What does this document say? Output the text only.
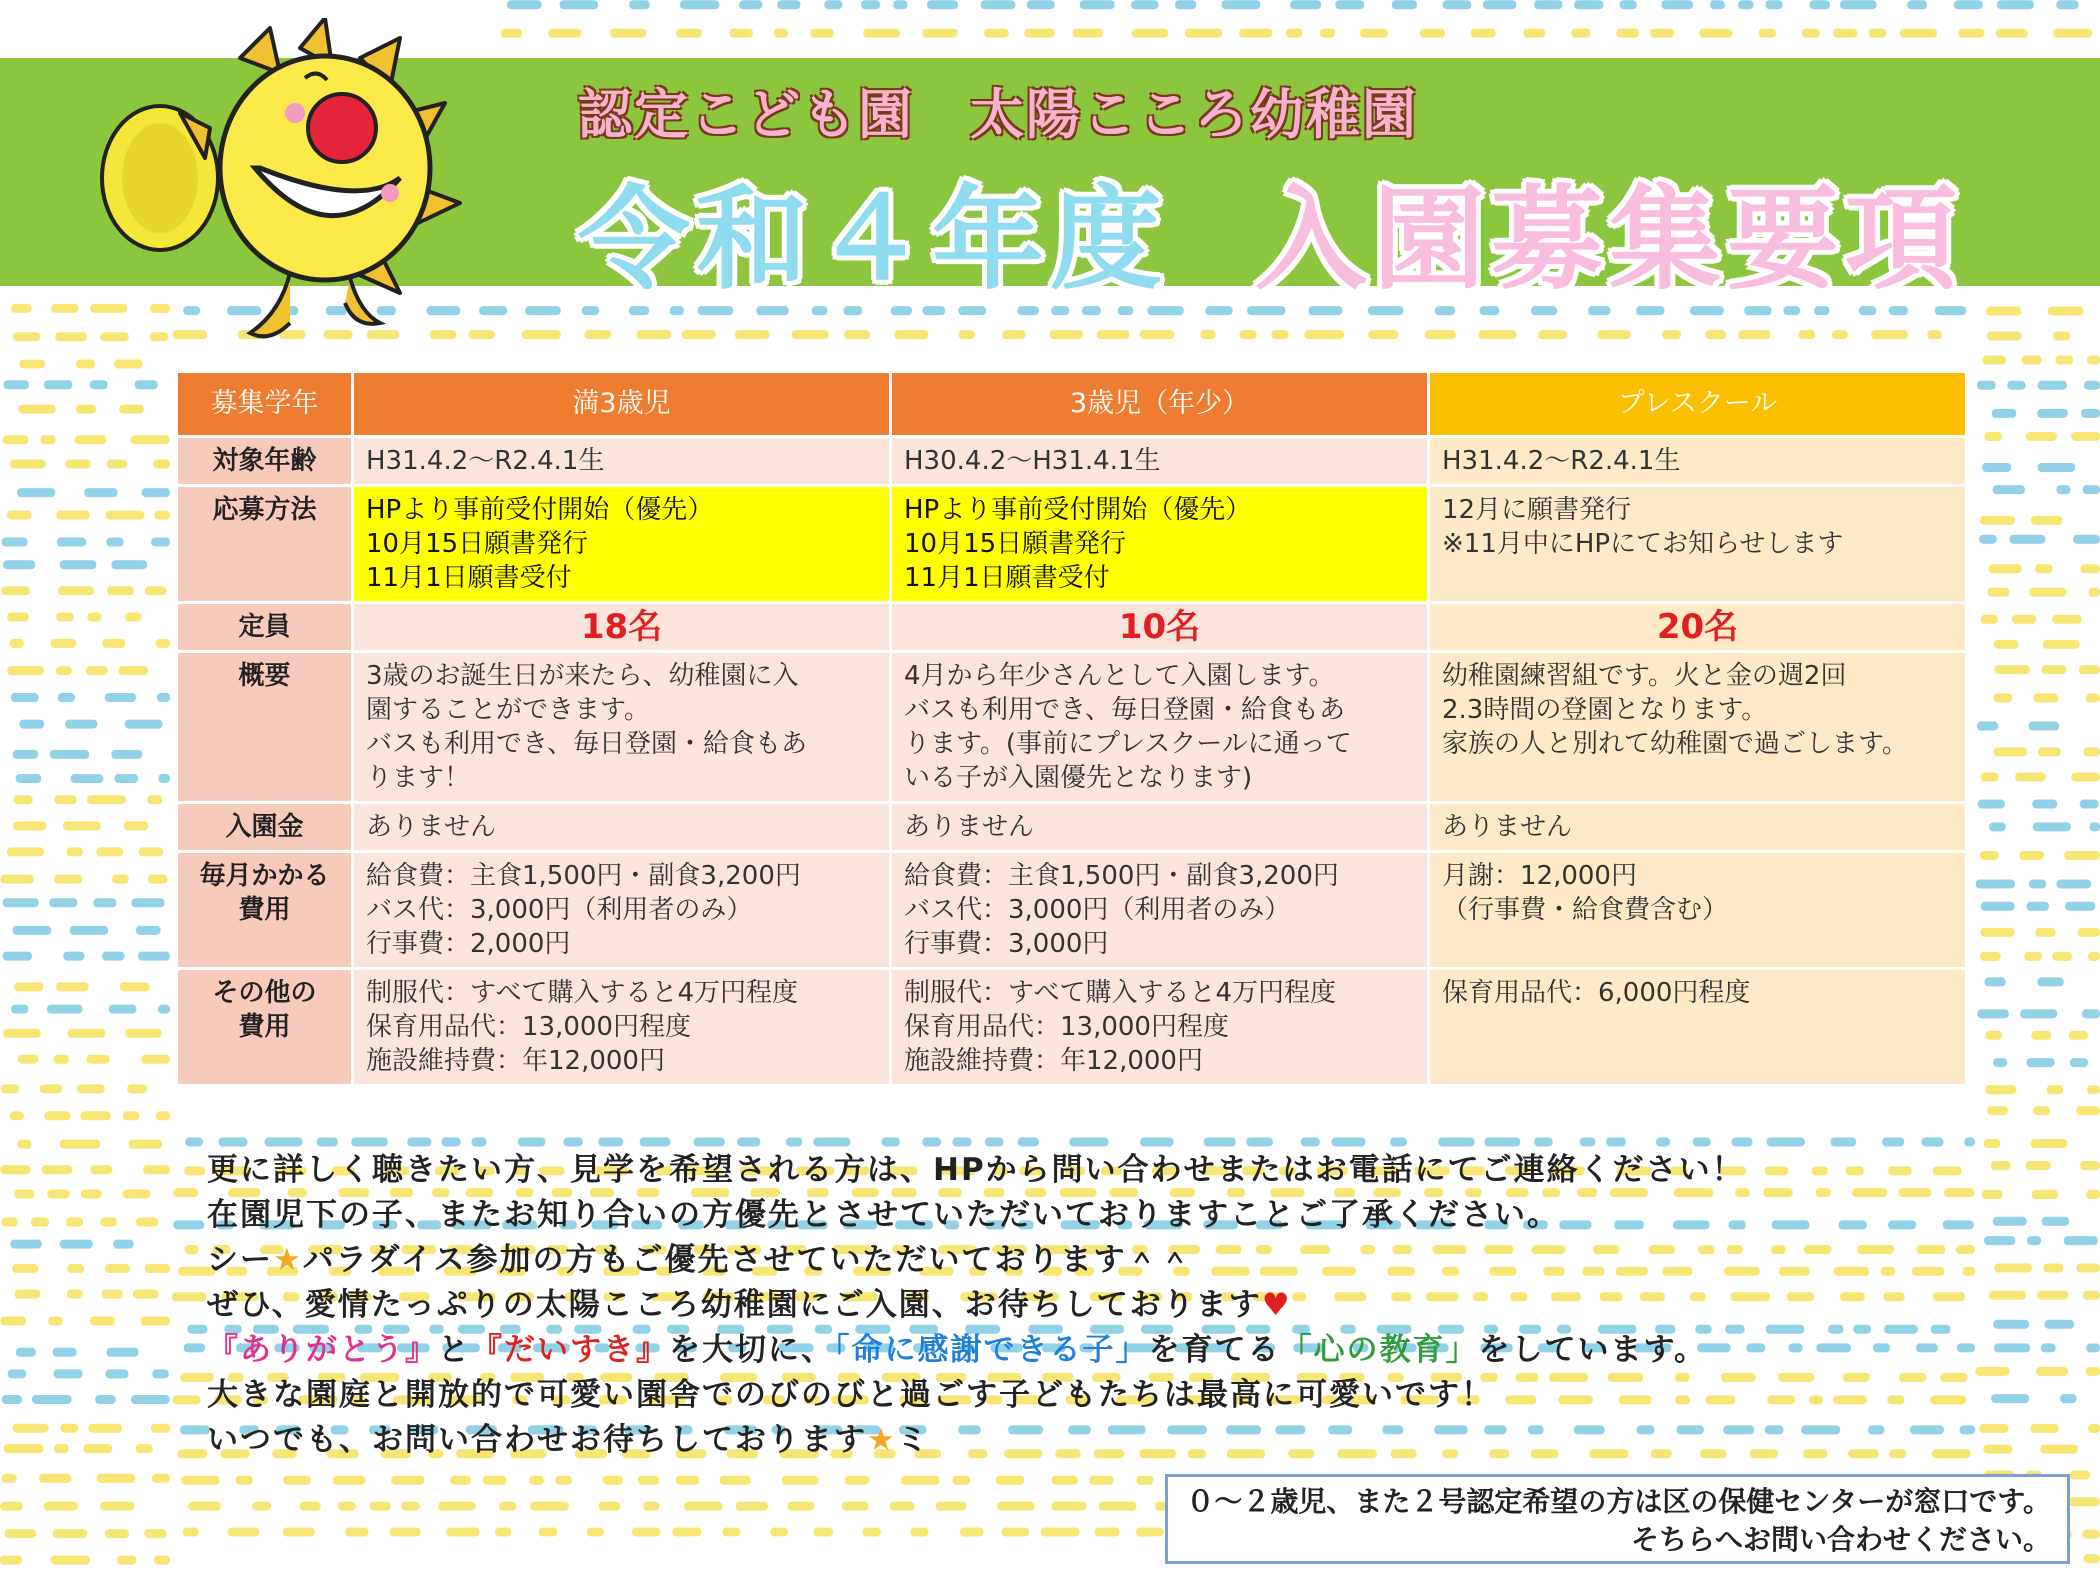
認定こども園　太陽こころ幼稚園
令和４年度 入園募集要項
募集学年	満3歳児	3歳児（年少）	プレスクール

対象年齢	H31.4.2～R2.4.1生	H30.4.2～H31.4.1生	H31.4.2～R2.4.1生

応募方法	HPより事前受付開始（優先）
10月15日願書発行
11月1日願書受付	HPより事前受付開始（優先）
10月15日願書発行
11月1日願書受付	12月に願書発行
※11月中にHPにてお知らせします

定員	18名	10名	20名

概要	3歳のお誕生日が来たら、幼稚園に入
園することができます。
バスも利用でき、毎日登園・給食もあ
ります！	4月から年少さんとして入園します。
バスも利用でき、毎日登園・給食もあ
ります。(事前にプレスクールに通って
いる子が入園優先となります)	幼稚園練習組です。火と金の週2回
2.3時間の登園となります。
家族の人と別れて幼稚園で過ごします。

入園金	ありません	ありません	ありません

毎月かかる
費用	給食費：主食1,500円・副食3,200円
バス代：3,000円（利用者のみ）
行事費：2,000円	給食費：主食1,500円・副食3,200円
バス代：3,000円（利用者のみ）
行事費：3,000円	月謝：12,000円
（行事費・給食費含む）

その他の
費用	制服代：すべて購入すると4万円程度
保育用品代：13,000円程度
施設維持費：年12,000円	制服代：すべて購入すると4万円程度
保育用品代：13,000円程度
施設維持費：年12,000円	保育用品代：6,000円程度
更に詳しく聴きたい方、見学を希望される方は、HPから問い合わせまたはお電話にてご連絡ください！
在園児下の子、またお知り合いの方優先とさせていただいておりますことご了承ください。
シー★パラダイス参加の方もご優先させていただいております＾＾
ぜひ、愛情たっぷりの太陽こころ幼稚園にご入園、お待ちしております♥
『ありがとう』と『だいすき』を大切に、「命に感謝できる子」を育てる「心の教育」をしています。
大きな園庭と開放的で可愛い園舎でのびのびと過ごす子どもたちは最高に可愛いです！
いつでも、お問い合わせお待ちしております★ミ
０～２歳児、また２号認定希望の方は区の保健センターが窓口です。
そちらへお問い合わせください。
